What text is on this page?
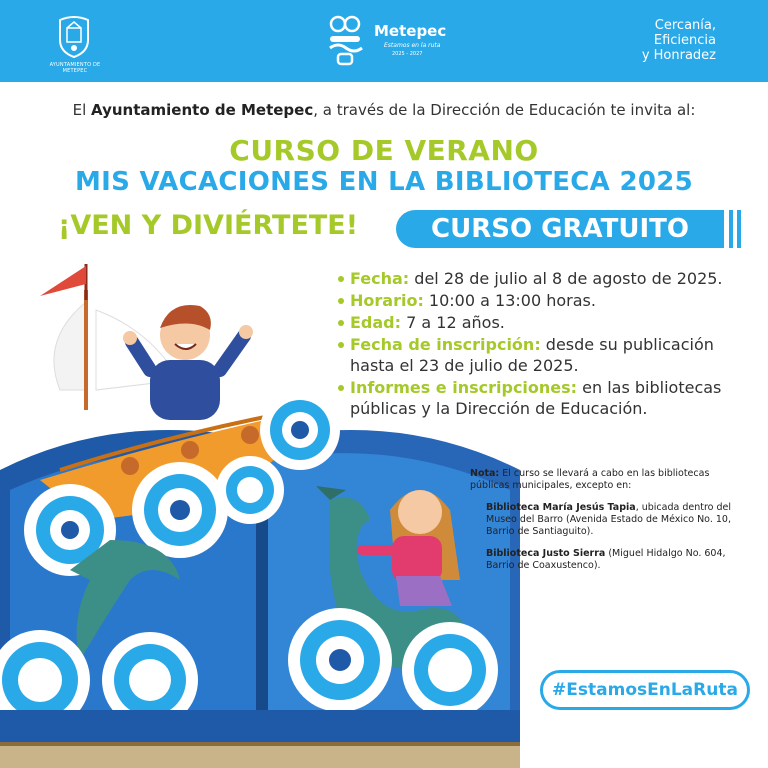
AYUNTAMIENTO DE METEPEC
Metepec
Estamos en la ruta
2025 - 2027
Cercanía,
Eficiencia
y Honradez
El Ayuntamiento de Metepec, a través de la Dirección de Educación te invita al:
CURSO DE VERANO
MIS VACACIONES EN LA BIBLIOTECA 2025
¡VEN Y DIVIÉRTETE!	CURSO GRATUITO
Fecha: del 28 de julio al 8 de agosto de 2025.
Horario: 10:00 a 13:00 horas.
Edad: 7 a 12 años.
Fecha de inscripción: desde su publicación hasta el 23 de julio de 2025.
Informes e inscripciones: en las bibliotecas públicas y la Dirección de Educación.

Nota: El curso se llevará a cabo en las bibliotecas públicas municipales, excepto en:

Biblioteca María Jesús Tapia, ubicada dentro del Museo del Barro (Avenida Estado de México No. 10, Barrio de Santiaguito).

Biblioteca Justo Sierra (Miguel Hidalgo No. 604, Barrio de Coaxustenco).

#EstamosEnLaRuta
